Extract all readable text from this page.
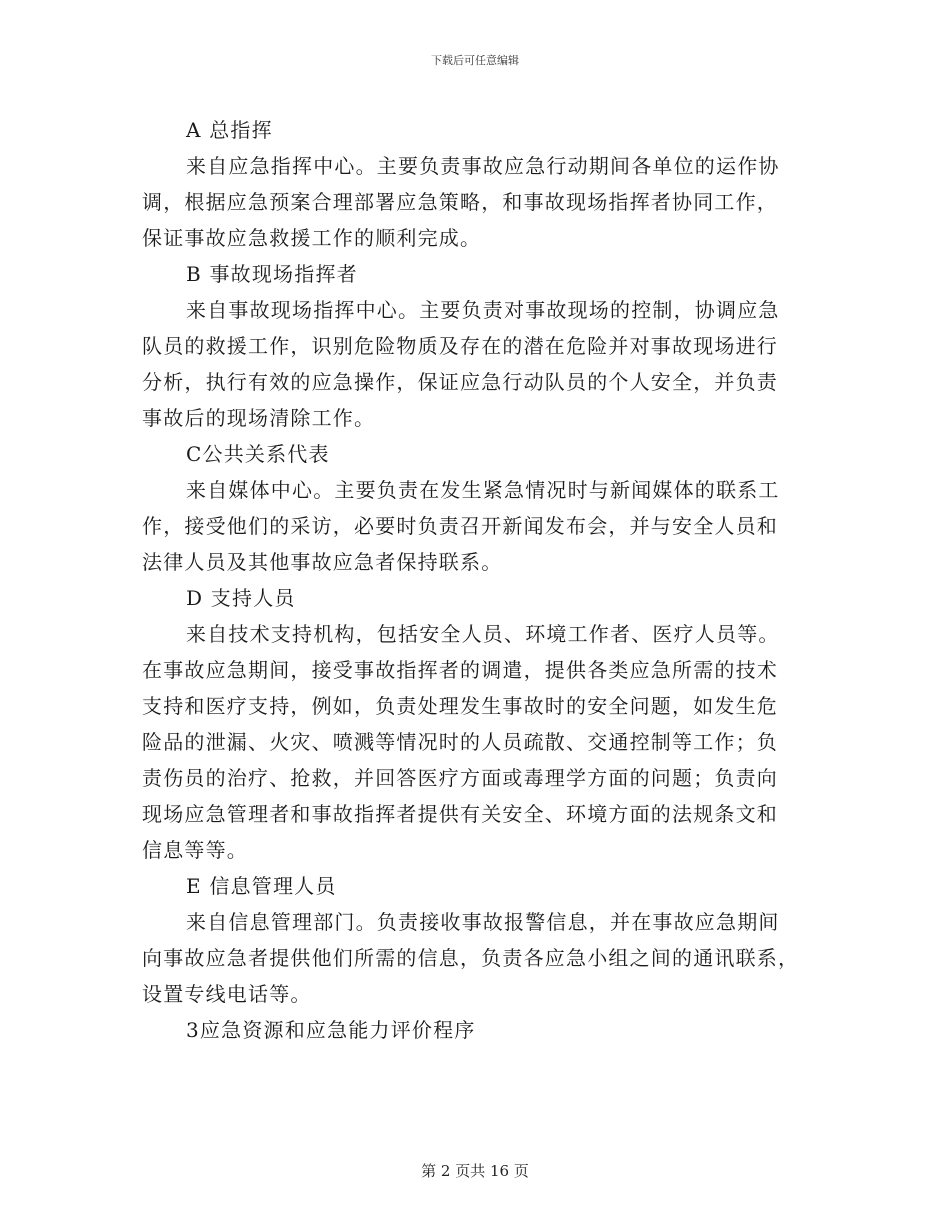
下载后可任意编辑
A 总指挥
来自应急指挥中心。主要负责事故应急行动期间各单位的运作协
调，根据应急预案合理部署应急策略，和事故现场指挥者协同工作，
保证事故应急救援工作的顺利完成。
B 事故现场指挥者
来自事故现场指挥中心。主要负责对事故现场的控制，协调应急
队员的救援工作，识别危险物质及存在的潜在危险并对事故现场进行
分析，执行有效的应急操作，保证应急行动队员的个人安全，并负责
事故后的现场清除工作。
C公共关系代表
来自媒体中心。主要负责在发生紧急情况时与新闻媒体的联系工
作，接受他们的采访，必要时负责召开新闻发布会，并与安全人员和
法律人员及其他事故应急者保持联系。
D 支持人员
来自技术支持机构，包括安全人员、环境工作者、医疗人员等。
在事故应急期间，接受事故指挥者的调遣，提供各类应急所需的技术
支持和医疗支持，例如，负责处理发生事故时的安全问题，如发生危
险品的泄漏、火灾、喷溅等情况时的人员疏散、交通控制等工作；负
责伤员的治疗、抢救，并回答医疗方面或毒理学方面的问题；负责向
现场应急管理者和事故指挥者提供有关安全、环境方面的法规条文和
信息等等。
E 信息管理人员
来自信息管理部门。负责接收事故报警信息，并在事故应急期间
向事故应急者提供他们所需的信息，负责各应急小组之间的通讯联系，
设置专线电话等。
3应急资源和应急能力评价程序
第 2 页共 16 页
